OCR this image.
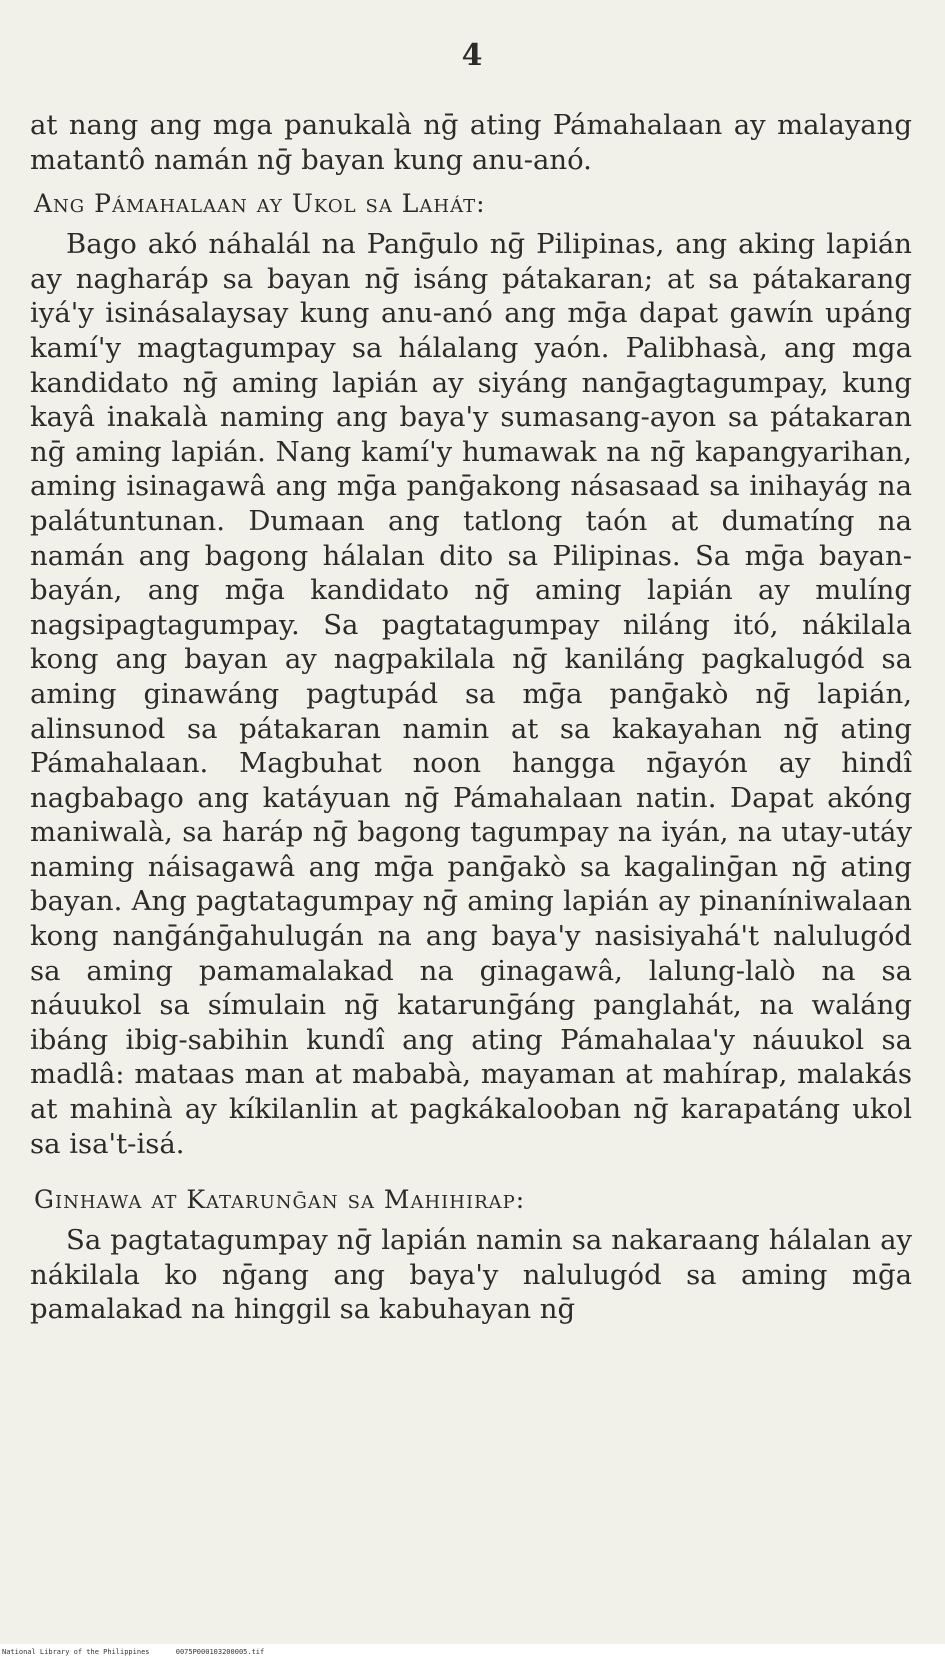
4

at nang ang mga panukalà nḡ ating Pámahalaan ay malayang matantô namán nḡ bayan kung anu-anó.

Ang Pámahalaan ay Ukol sa Lahát:

Bago akó náhalál na Panḡulo nḡ Pilipinas, ang aking lapián ay nagharáp sa bayan nḡ isáng pátakaran; at sa pátakarang iyá'y isinásalaysay kung anu-anó ang mḡa dapat gawín upáng kamí'y magtagumpay sa hálalang yaón. Palibhasà, ang mga kandidato nḡ aming lapián ay siyáng nanḡagtagumpay, kung kayâ inakalà naming ang baya'y sumasang-ayon sa pátakaran nḡ aming lapián. Nang kamí'y humawak na nḡ kapangyarihan, aming isinagawâ ang mḡa panḡakong násasaad sa inihayág na palátuntunan. Dumaan ang tatlong taón at dumatíng na namán ang bagong hálalan dito sa Pilipinas. Sa mḡa bayan-bayán, ang mḡa kandidato nḡ aming lapián ay mulíng nagsipagtagumpay. Sa pagtatagumpay niláng itó, nákilala kong ang bayan ay nagpakilala nḡ kaniláng pagkalugód sa aming ginawáng pagtupád sa mḡa panḡakò nḡ lapián, alinsunod sa pátakaran namin at sa kakayahan nḡ ating Pámahalaan. Magbuhat noon hangga nḡayón ay hindî nagbabago ang katáyuan nḡ Pámahalaan natin. Dapat akóng maniwalà, sa haráp nḡ bagong tagumpay na iyán, na utay-utáy naming náisagawâ ang mḡa panḡakò sa kagalinḡan nḡ ating bayan. Ang pagtatagumpay nḡ aming lapián ay pinaníniwalaan kong nanḡánḡahulugán na ang baya'y nasisiyahá't nalulugód sa aming pamamalakad na ginagawâ, lalung-lalò na sa náuukol sa símulain nḡ katarunḡáng panglahát, na waláng ibáng ibig-sabihin kundî ang ating Pámahalaa'y náuukol sa madlâ: mataas man at mababà, mayaman at mahírap, malakás at mahinà ay kíkilanlin at pagkákalooban nḡ karapatáng ukol sa isa't-isá.

Ginhawa at Katarunḡan sa Mahihirap:

Sa pagtatagumpay nḡ lapián namin sa nakaraang hálalan ay nákilala ko nḡang ang baya'y nalulugód sa aming mḡa pamalakad na hinggil sa kabuhayan nḡ

National Library of the Philippines	0075P000103200005.tif
